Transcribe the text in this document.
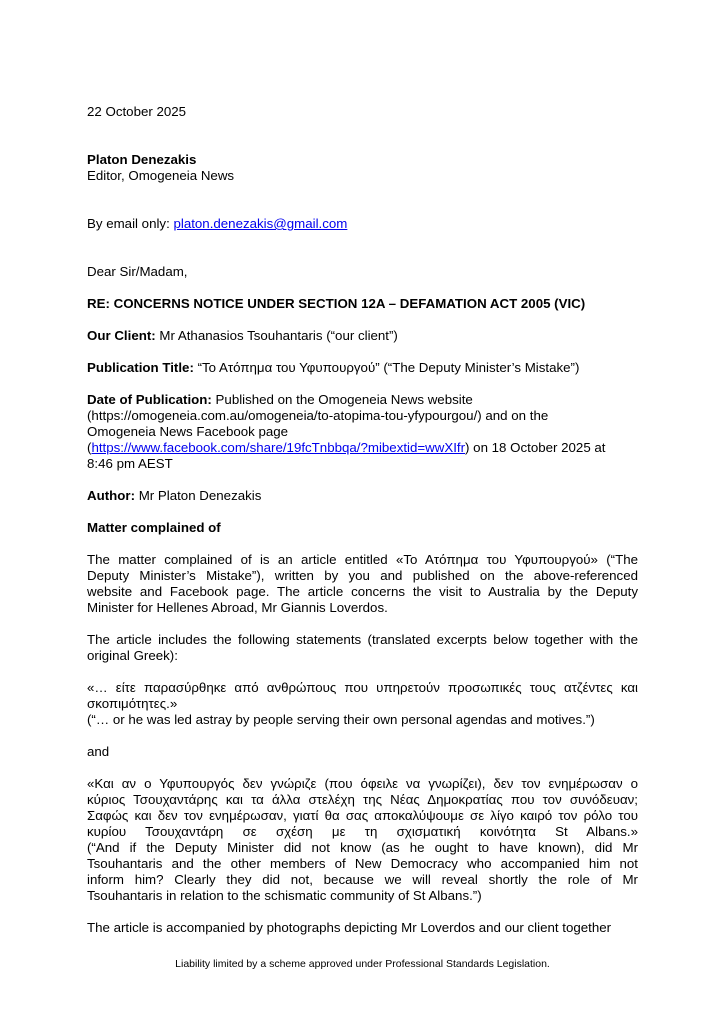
22 October 2025
Platon Denezakis
Editor, Omogeneia News
By email only: platon.denezakis@gmail.com
Dear Sir/Madam,
RE: CONCERNS NOTICE UNDER SECTION 12A – DEFAMATION ACT 2005 (VIC)
Our Client: Mr Athanasios Tsouhantaris (“our client”)
Publication Title: “Το Ατόπημα του Υφυπουργού” (“The Deputy Minister’s Mistake”)
Date of Publication: Published on the Omogeneia News website
(https://omogeneia.com.au/omogeneia/to-atopima-tou-yfypourgou/) and on the
Omogeneia News Facebook page
(https://www.facebook.com/share/19fcTnbbqa/?mibextid=wwXIfr) on 18 October 2025 at
8:46 pm AEST
Author: Mr Platon Denezakis
Matter complained of
The matter complained of is an article entitled «Το Ατόπημα του Υφυπουργού» (“The
Deputy Minister’s Mistake”), written by you and published on the above-referenced
website and Facebook page. The article concerns the visit to Australia by the Deputy
Minister for Hellenes Abroad, Mr Giannis Loverdos.
The article includes the following statements (translated excerpts below together with the
original Greek):
«… είτε παρασύρθηκε από ανθρώπους που υπηρετούν προσωπικές τους ατζέντες και
σκοπιμότητες.»
(“… or he was led astray by people serving their own personal agendas and motives.”)
and
«Και αν ο Υφυπουργός δεν γνώριζε (που όφειλε να γνωρίζει), δεν τον ενημέρωσαν ο
κύριος Τσουχαντάρης και τα άλλα στελέχη της Νέας Δημοκρατίας που τον συνόδευαν;
Σαφώς και δεν τον ενημέρωσαν, γιατί θα σας αποκαλύψουμε σε λίγο καιρό τον ρόλο του
κυρίου Τσουχαντάρη σε σχέση με τη σχισματική κοινότητα St Albans.»
(“And if the Deputy Minister did not know (as he ought to have known), did Mr
Tsouhantaris and the other members of New Democracy who accompanied him not
inform him? Clearly they did not, because we will reveal shortly the role of Mr
Tsouhantaris in relation to the schismatic community of St Albans.”)
The article is accompanied by photographs depicting Mr Loverdos and our client together
Liability limited by a scheme approved under Professional Standards Legislation.
